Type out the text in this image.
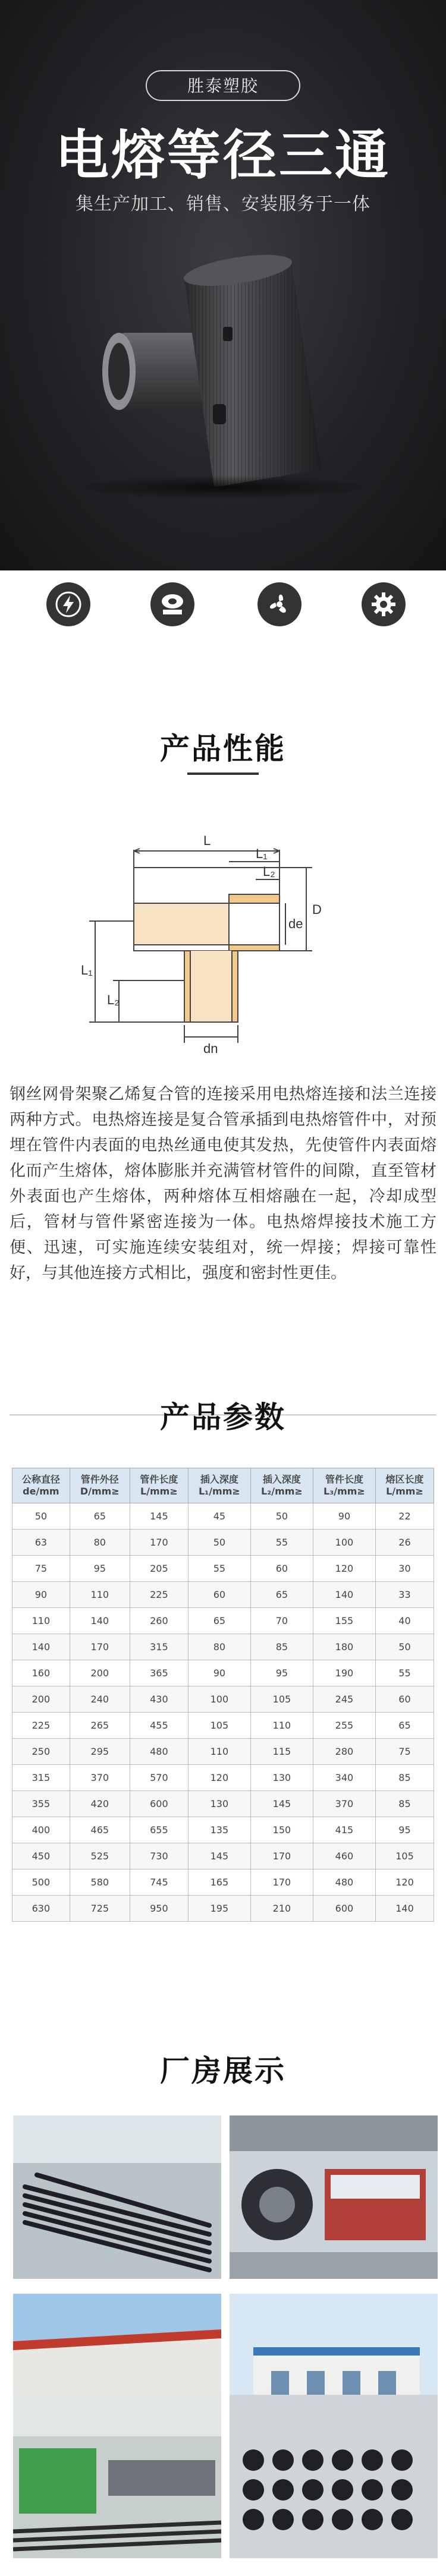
胜泰塑胶
电熔等径三通
集生产加工、销售、安装服务于一体
用心选材	稳定可靠	质量保障	按需定制
产品性能
L
L₁
L₂
de
D
dn
L₁
L₂
钢丝网骨架聚乙烯复合管的连接采用电热熔连接和法兰连接两种方式。电热熔连接是复合管承插到电热熔管件中，对预埋在管件内表面的电热丝通电使其发热，先使管件内表面熔化而产生熔体，熔体膨胀并充满管材管件的间隙，直至管材外表面也产生熔体，两种熔体互相熔融在一起，冷却成型后，管材与管件紧密连接为一体。电热熔焊接技术施工方便、迅速，可实施连续安装组对，统一焊接；焊接可靠性好，与其他连接方式相比，强度和密封性更佳。
产品参数
公称直径 de/mm	管件外径 D/mm≥	管件长度 L/mm≥	插入深度 L₁/mm≥	插入深度 L₂/mm≥	管件长度 L₃/mm≥	熔区长度 L/mm≥
50	65	145	45	50	90	22
63	80	170	50	55	100	26
75	95	205	55	60	120	30
90	110	225	60	65	140	33
110	140	260	65	70	155	40
140	170	315	80	85	180	50
160	200	365	90	95	190	55
200	240	430	100	105	245	60
225	265	455	105	110	255	65
250	295	480	110	115	280	75
315	370	570	120	130	340	85
355	420	600	130	145	370	85
400	465	655	135	150	415	95
450	525	730	145	170	460	105
500	580	745	165	170	480	120
630	725	950	195	210	600	140
厂房展示
